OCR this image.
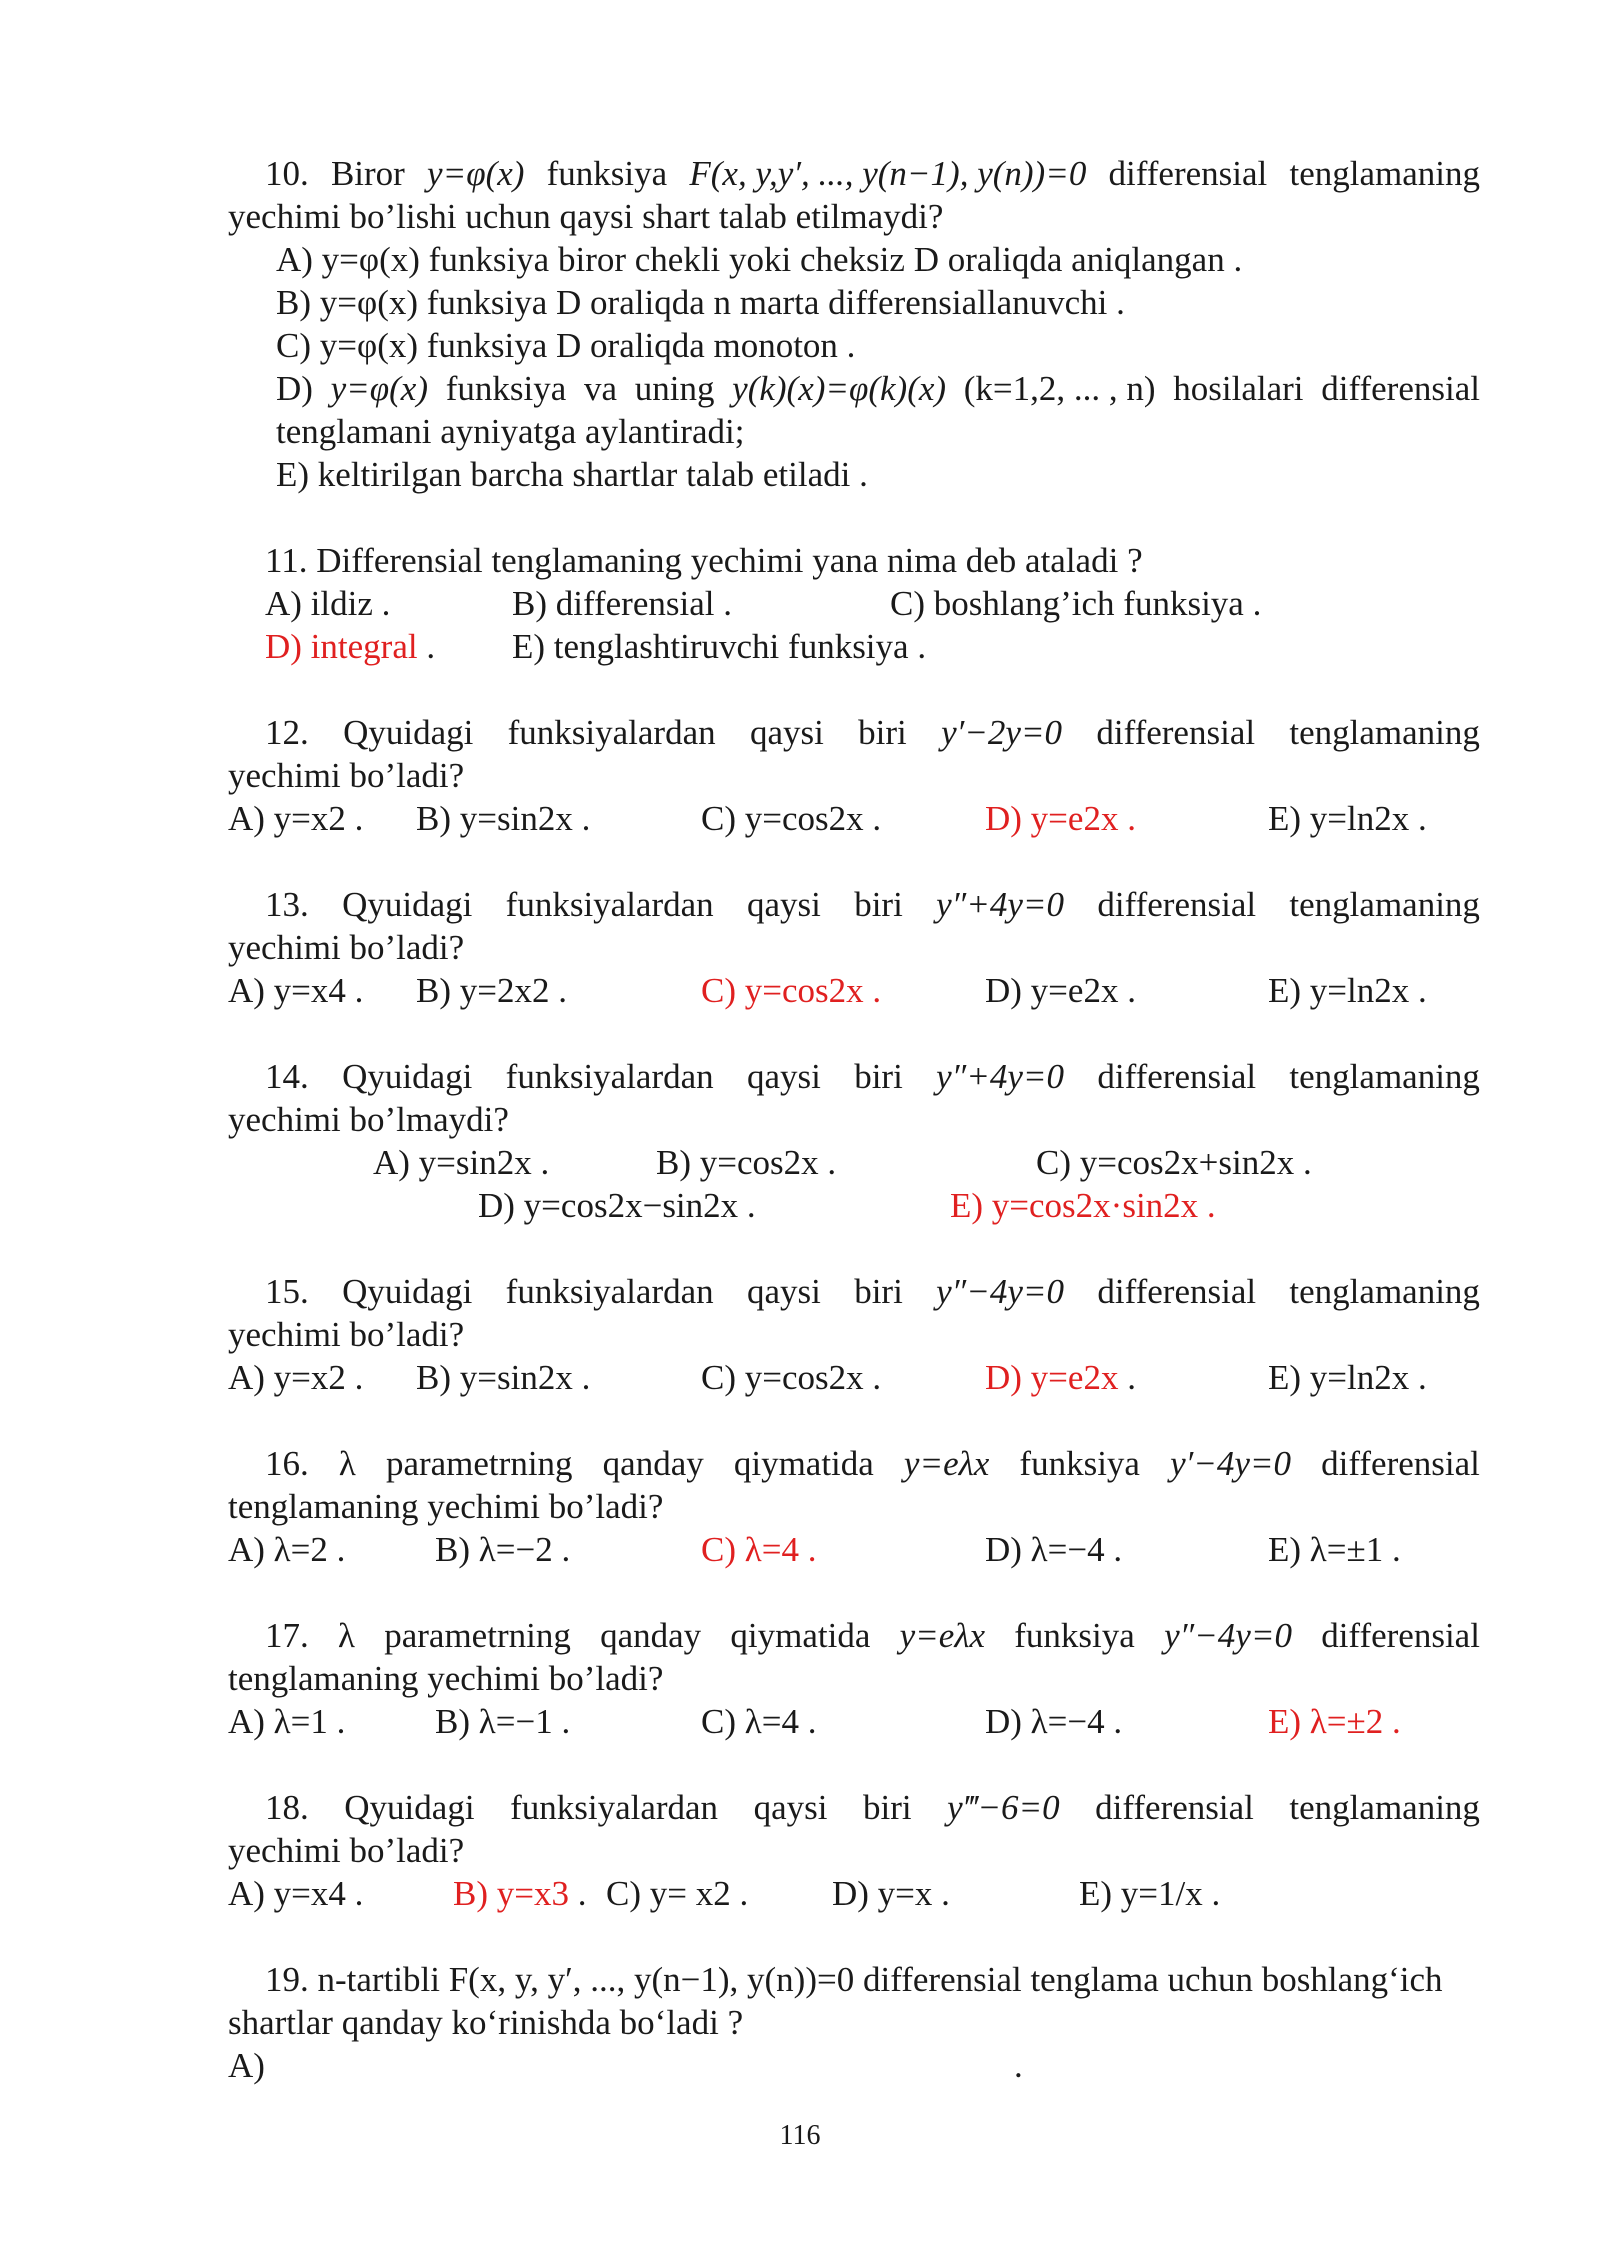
10. Biror y=φ(x) funksiya F(x, y,y′, ..., y(n−1), y(n))=0 differensial tenglamaning
yechimi bo’lishi uchun qaysi shart talab etilmaydi?
A) y=φ(x) funksiya biror chekli yoki cheksiz D oraliqda aniqlangan .
B) y=φ(x) funksiya D oraliqda n marta differensiallanuvchi .
C) y=φ(x) funksiya D oraliqda monoton .
D) y=φ(x) funksiya va uning y(k)(x)=φ(k)(x) (k=1,2, ... , n) hosilalari differensial
tenglamani ayniyatga aylantiradi;
E) keltirilgan barcha shartlar talab etiladi .
11. Differensial tenglamaning yechimi yana nima deb ataladi ?
A) ildiz .	B) differensial .	C) boshlang’ich funksiya .
D) integral . E) tenglashtiruvchi funksiya .
12. Qyuidagi funksiyalardan qaysi biri y′−2y=0 differensial tenglamaning
yechimi bo’ladi?
A) y=x2 . B) y=sin2x .	C) y=cos2x .	D) y=e2x .	E) y=ln2x .
13. Qyuidagi funksiyalardan qaysi biri y″+4y=0 differensial tenglamaning
yechimi bo’ladi?
A) y=x4 . B) y=2x2 .	C) y=cos2x .	D) y=e2x .	E) y=ln2x .
14. Qyuidagi funksiyalardan qaysi biri y″+4y=0 differensial tenglamaning
yechimi bo’lmaydi?
A) y=sin2x .	B) y=cos2x .	C) y=cos2x+sin2x .
D) y=cos2x−sin2x .	E) y=cos2x·sin2x .
15. Qyuidagi funksiyalardan qaysi biri y″−4y=0 differensial tenglamaning
yechimi bo’ladi?
A) y=x2 . B) y=sin2x .	C) y=cos2x .	D) y=e2x .	E) y=ln2x .
16. λ parametrning qanday qiymatida y=eλx funksiya y′−4y=0 differensial
tenglamaning yechimi bo’ladi?
A) λ=2 .	B) λ=−2 .	C) λ=4 .	D) λ=−4 .	E) λ=±1 .
17. λ parametrning qanday qiymatida y=eλx funksiya y″−4y=0 differensial
tenglamaning yechimi bo’ladi?
A) λ=1 .	B) λ=−1 .	C) λ=4 .	D) λ=−4 .	E) λ=±2 .
18. Qyuidagi funksiyalardan qaysi biri y‴−6=0 differensial tenglamaning
yechimi bo’ladi?
A) y=x4 .	B) y=x3 . C) y= x2 . D) y=x .	E) y=1/x .
19. n-tartibli F(x, y, y′, ..., y(n−1), y(n))=0 differensial tenglama uchun boshlang‘ich
shartlar qanday ko‘rinishda bo‘ladi ?
A)	.
116
